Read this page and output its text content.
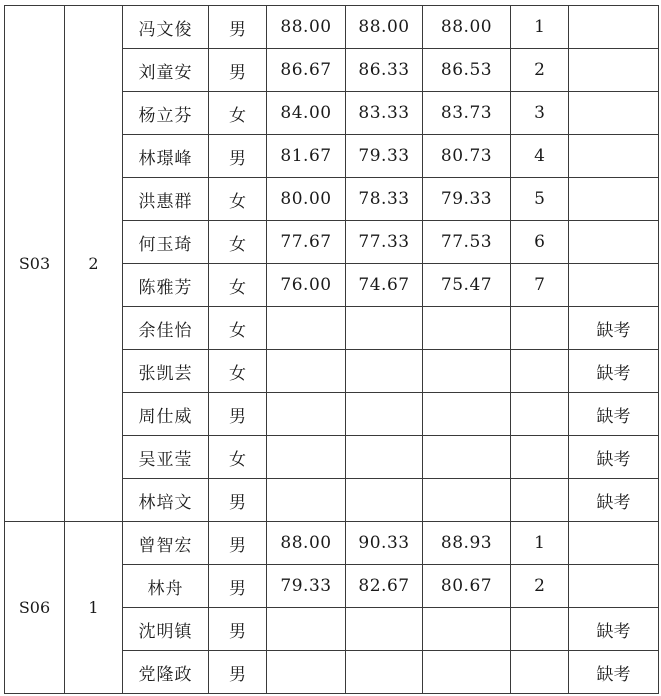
S03	2	冯文俊	男	88.00	88.00	88.00	1	
		刘童安	男	86.67	86.33	86.53	2	
		杨立芬	女	84.00	83.33	83.73	3	
		林璟峰	男	81.67	79.33	80.73	4	
		洪惠群	女	80.00	78.33	79.33	5	
		何玉琦	女	77.67	77.33	77.53	6	
		陈雅芳	女	76.00	74.67	75.47	7	
		余佳怡	女					缺考
		张凯芸	女					缺考
		周仕威	男					缺考
		吴亚莹	女					缺考
		林培文	男					缺考
S06	1	曾智宏	男	88.00	90.33	88.93	1	
		林舟	男	79.33	82.67	80.67	2	
		沈明镇	男					缺考
		党隆政	男					缺考
